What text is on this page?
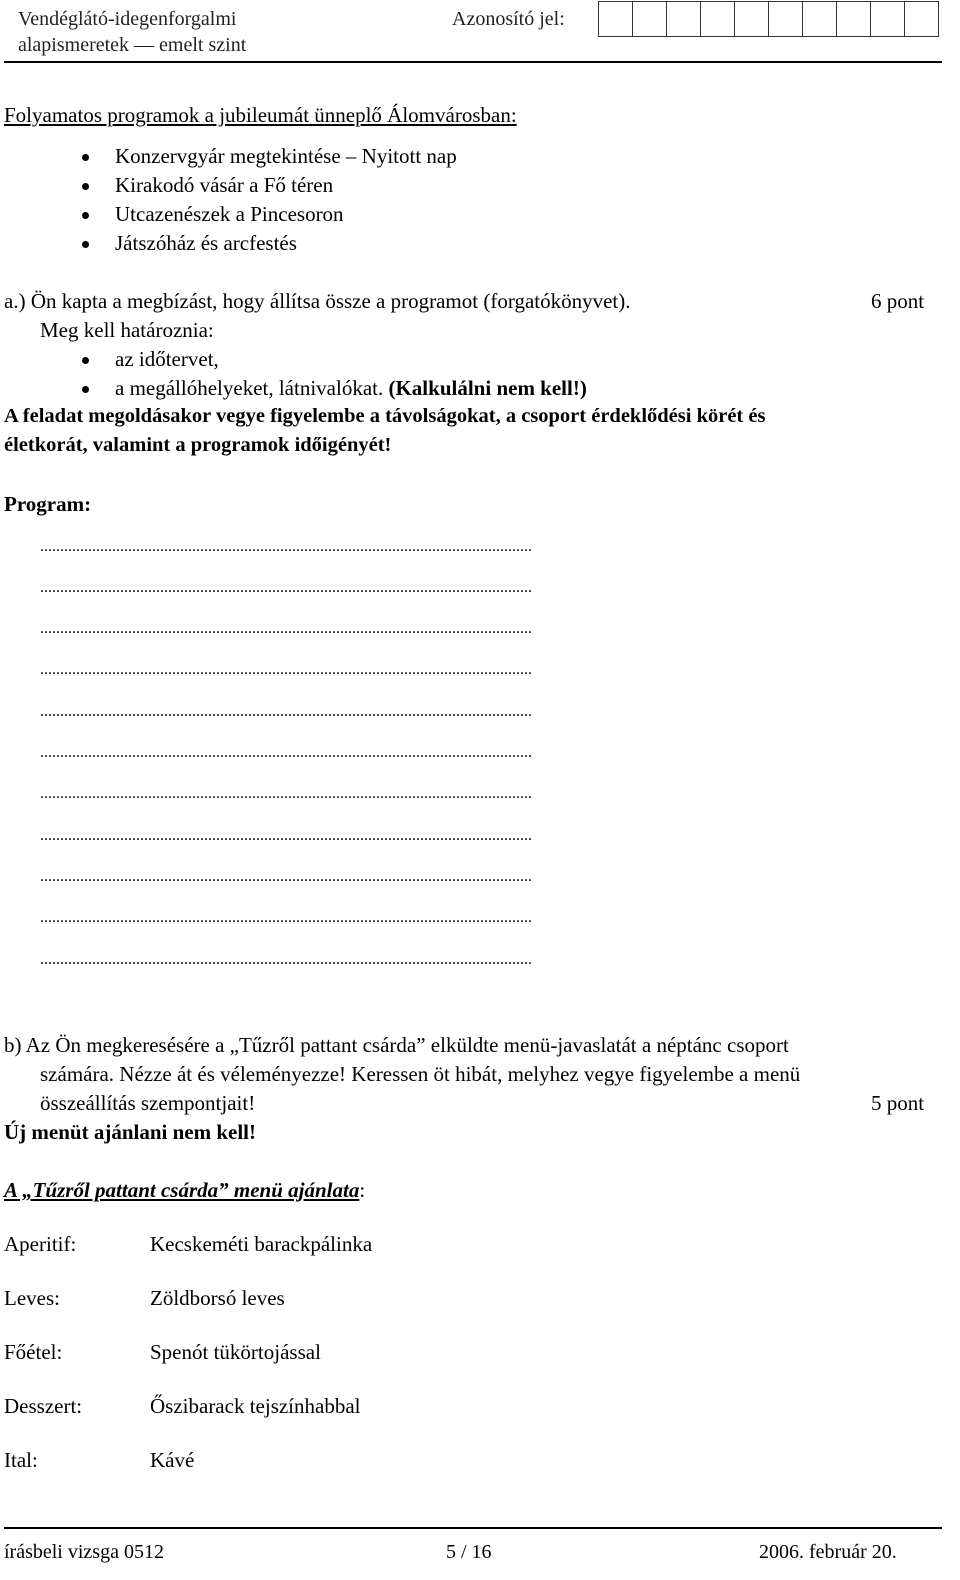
Vendéglátó-idegenforgalmi
alapismeretek — emelt szint
Azonosító jel:
Folyamatos programok a jubileumát ünneplő Álomvárosban:
Konzervgyár megtekintése – Nyitott nap
Kirakodó vásár a Fő téren
Utcazenészek a Pincesoron
Játszóház és arcfestés
a.) Ön kapta a megbízást, hogy állítsa össze a programot (forgatókönyvet).	6 pont
Meg kell határoznia:
az időtervet,
a megállóhelyeket, látnivalókat. (Kalkulálni nem kell!)
A feladat megoldásakor vegye figyelembe a távolságokat, a csoport érdeklődési körét és
életkorát, valamint a programok időigényét!
Program:
...........................................................................................................................
...........................................................................................................................
...........................................................................................................................
...........................................................................................................................
...........................................................................................................................
...........................................................................................................................
...........................................................................................................................
...........................................................................................................................
...........................................................................................................................
...........................................................................................................................
...........................................................................................................................
b) Az Ön megkeresésére a „Tűzről pattant csárda” elküldte menü-javaslatát a néptánc csoport
számára. Nézze át és véleményezze! Keressen öt hibát, melyhez vegye figyelembe a menü
összeállítás szempontjait!	5 pont
Új menüt ajánlani nem kell!
A „Tűzről pattant csárda” menü ajánlata:
Aperitif:	Kecskeméti barackpálinka
Leves:	Zöldborsó leves
Főétel:	Spenót tükörtojással
Desszert:	Őszibarack tejszínhabbal
Ital:	Kávé
írásbeli vizsga 0512	5 / 16	2006. február 20.
